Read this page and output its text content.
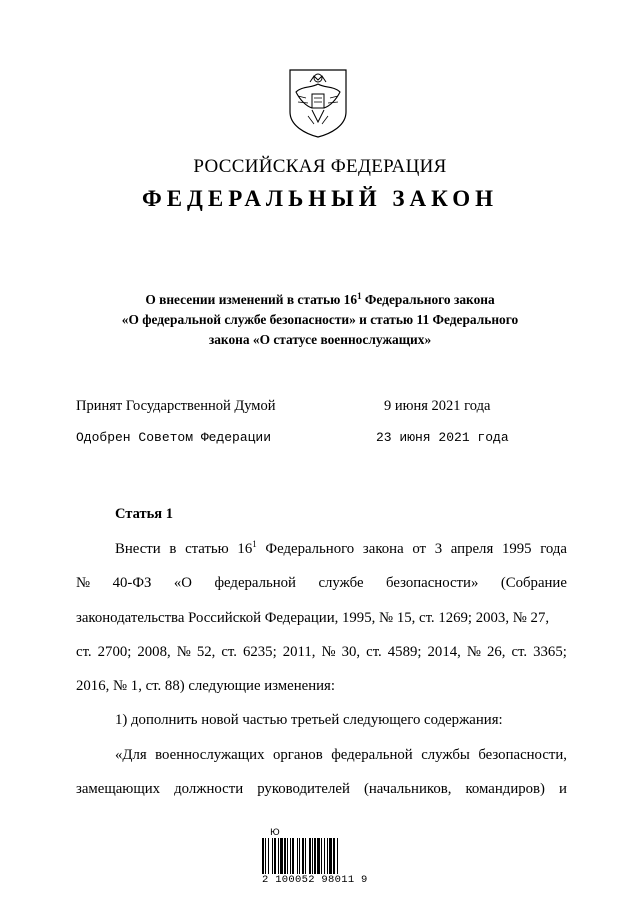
РОССИЙСКАЯ ФЕДЕРАЦИЯ
ФЕДЕРАЛЬНЫЙ ЗАКОН
О внесении изменений в статью $16^1$ Федерального закона
«О федеральной службе безопасности» и статью 11 Федерального
закона «О статусе военнослужащих»
Принят Государственной Думой	9 июня 2021 года
Одобрен Советом Федерации	23 июня 2021 года
Статья 1
Внести в статью $16^1$ Федерального закона от 3 апреля 1995 года
№ 40-ФЗ «О федеральной службе безопасности» (Собрание
законодательства Российской Федерации, 1995, № 15, ст. 1269; 2003, № 27,
ст. 2700; 2008, № 52, ст. 6235; 2011, № 30, ст. 4589; 2014, № 26, ст. 3365;
2016, № 1, ст. 88) следующие изменения:
1) дополнить новой частью третьей следующего содержания:
«Для военнослужащих органов федеральной службы безопасности,
замещающих должности руководителей (начальников, командиров) и
Ю
2 100052 98011 9
